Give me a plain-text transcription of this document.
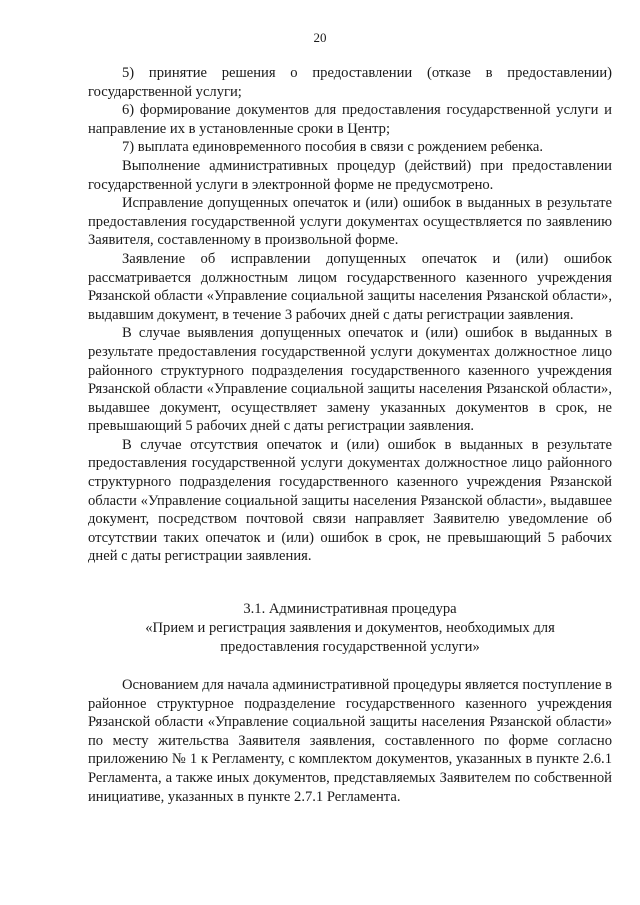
20

5) принятие решения о предоставлении (отказе в предоставлении) государственной услуги;

6) формирование документов для предоставления государственной услуги и направление их в установленные сроки в Центр;

7) выплата единовременного пособия в связи с рождением ребенка.

Выполнение административных процедур (действий) при предоставлении государственной услуги в электронной форме не предусмотрено.

Исправление допущенных опечаток и (или) ошибок в выданных в результате предоставления государственной услуги документах осуществляется по заявлению Заявителя, составленному в произвольной форме.

Заявление об исправлении допущенных опечаток и (или) ошибок рассматривается должностным лицом государственного казенного учреждения Рязанской области «Управление социальной защиты населения Рязанской области», выдавшим документ, в течение 3 рабочих дней с даты регистрации заявления.

В случае выявления допущенных опечаток и (или) ошибок в выданных в результате предоставления государственной услуги документах должностное лицо районного структурного подразделения государственного казенного учреждения Рязанской области «Управление социальной защиты населения Рязанской области», выдавшее документ, осуществляет замену указанных документов в срок, не превышающий 5 рабочих дней с даты регистрации заявления.

В случае отсутствия опечаток и (или) ошибок в выданных в результате предоставления государственной услуги документах должностное лицо районного структурного подразделения государственного казенного учреждения Рязанской области «Управление социальной защиты населения Рязанской области», выдавшее документ, посредством почтовой связи направляет Заявителю уведомление об отсутствии таких опечаток и (или) ошибок в срок, не превышающий 5 рабочих дней с даты регистрации заявления.

3.1. Административная процедура
«Прием и регистрация заявления и документов, необходимых для
предоставления государственной услуги»

Основанием для начала административной процедуры является поступление в районное структурное подразделение государственного казенного учреждения Рязанской области «Управление социальной защиты населения Рязанской области» по месту жительства Заявителя заявления, составленного по форме согласно приложению № 1 к Регламенту, с комплектом документов, указанных в пункте 2.6.1 Регламента, а также иных документов, представляемых Заявителем по собственной инициативе, указанных в пункте 2.7.1 Регламента.
